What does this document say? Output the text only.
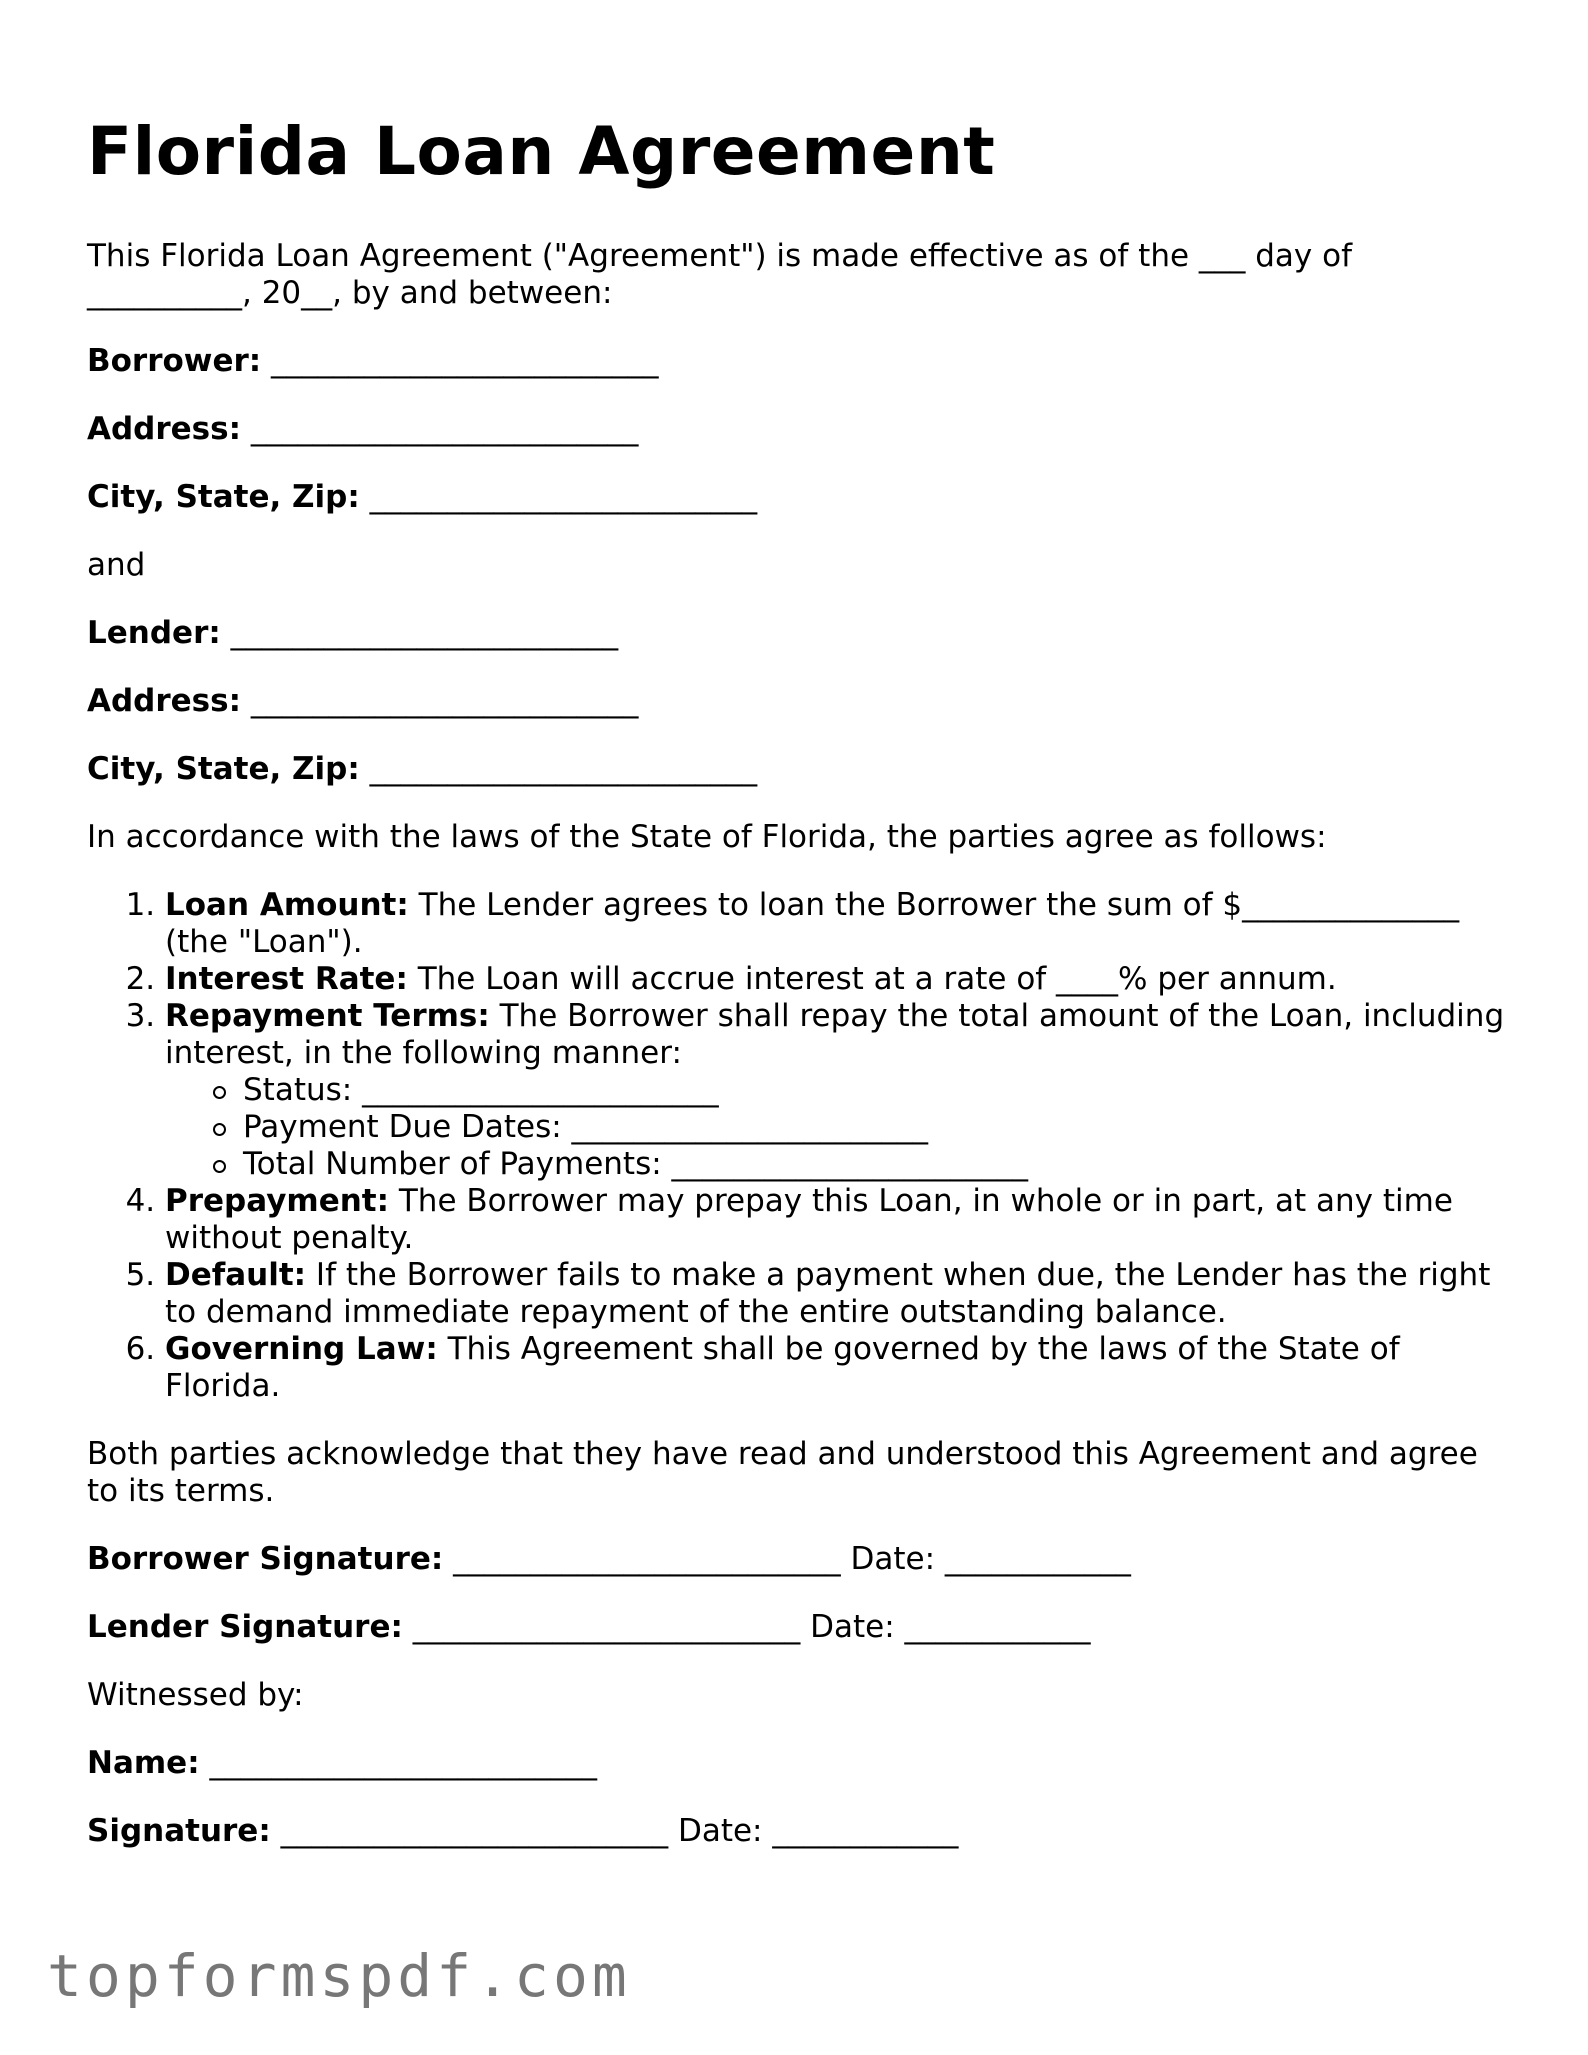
Florida Loan Agreement

This Florida Loan Agreement ("Agreement") is made effective as of the ___ day of __________, 20__, by and between:

Borrower: _________________________

Address: _________________________

City, State, Zip: _________________________

and

Lender: _________________________

Address: _________________________

City, State, Zip: _________________________

In accordance with the laws of the State of Florida, the parties agree as follows:

1. Loan Amount: The Lender agrees to loan the Borrower the sum of $______________ (the "Loan").
2. Interest Rate: The Loan will accrue interest at a rate of ____% per annum.
3. Repayment Terms: The Borrower shall repay the total amount of the Loan, including interest, in the following manner:
Status: _______________________
Payment Due Dates: _______________________
Total Number of Payments: _______________________
4. Prepayment: The Borrower may prepay this Loan, in whole or in part, at any time without penalty.
5. Default: If the Borrower fails to make a payment when due, the Lender has the right to demand immediate repayment of the entire outstanding balance.
6. Governing Law: This Agreement shall be governed by the laws of the State of Florida.

Both parties acknowledge that they have read and understood this Agreement and agree to its terms.

Borrower Signature: _________________________ Date: ____________

Lender Signature: _________________________ Date: ____________

Witnessed by:

Name: _________________________

Signature: _________________________ Date: ____________

topformspdf.com
